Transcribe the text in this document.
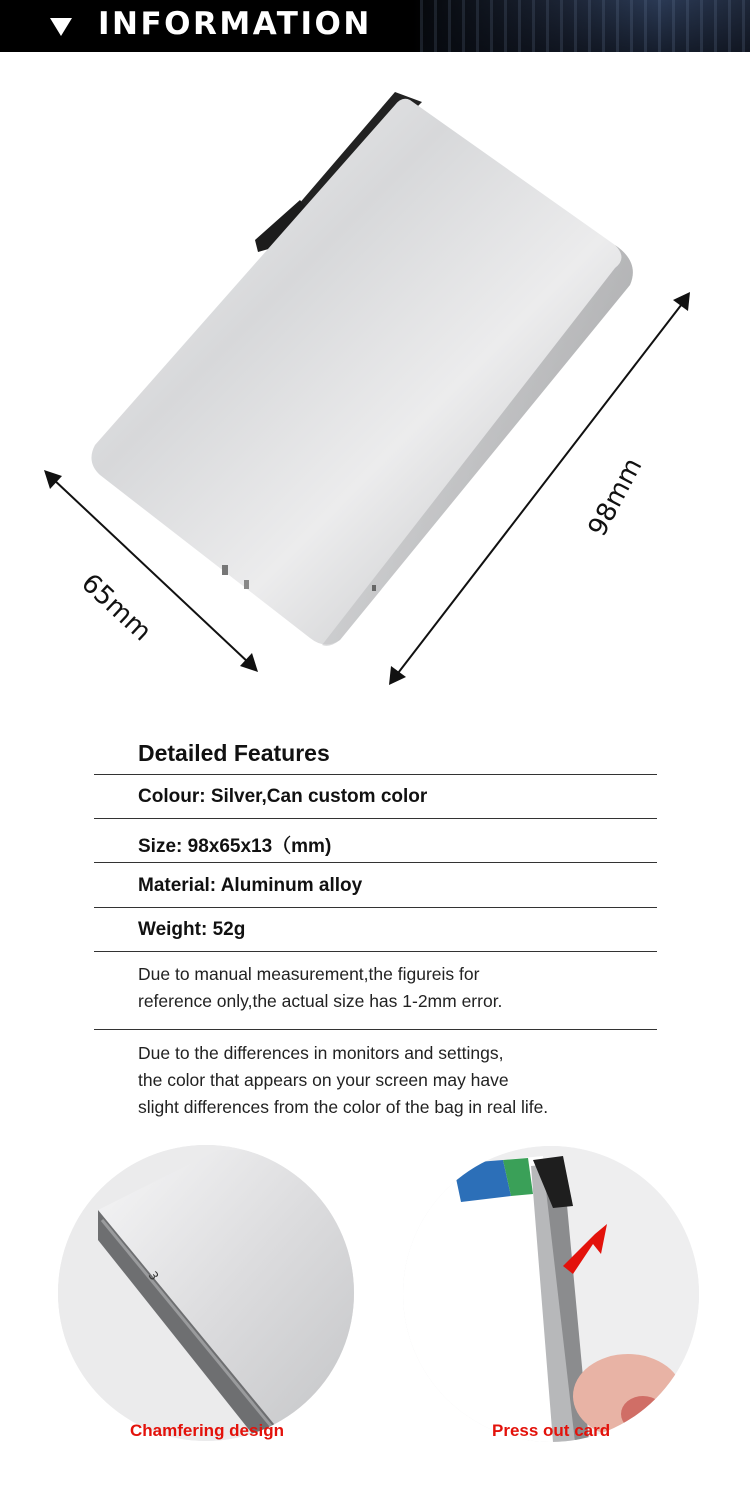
INFORMATION
65mm
98mm
Detailed Features
Colour: Silver,Can custom color
Size: 98x65x13（mm)
Material: Aluminum alloy
Weight: 52g
Due to manual measurement,the figureis for
reference only,the actual size has 1-2mm error.
Due to the differences in monitors and settings,
the color that appears on your screen may have
slight differences from the color of the bag in real life.
3
Chamfering design	Press out card
